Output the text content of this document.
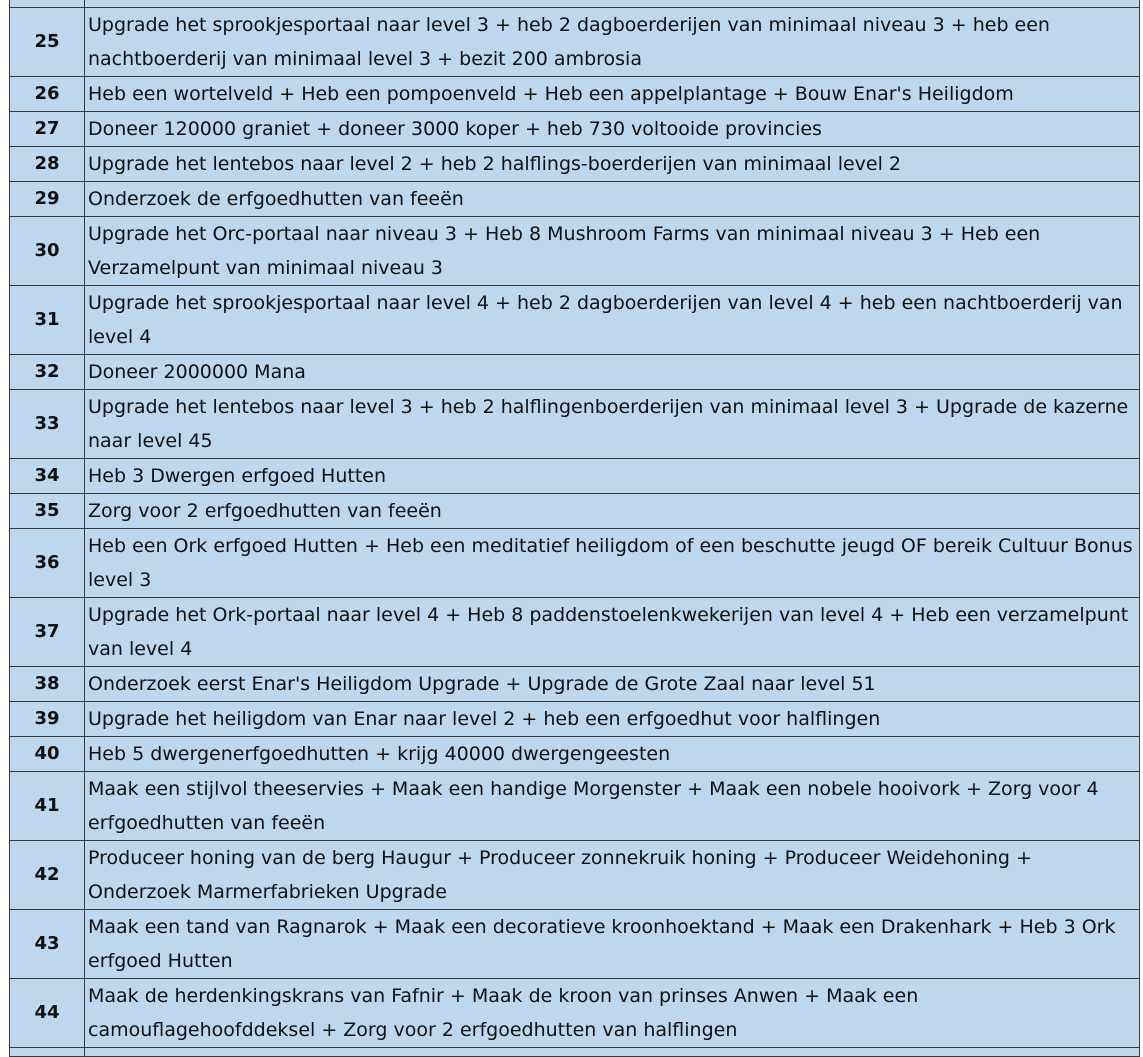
25	Upgrade het sprookjesportaal naar level 3 + heb 2 dagboerderijen van minimaal niveau 3 + heb een nachtboerderij van minimaal level 3 + bezit 200 ambrosia
26	Heb een wortelveld + Heb een pompoenveld + Heb een appelplantage + Bouw Enar's Heiligdom
27	Doneer 120000 graniet + doneer 3000 koper + heb 730 voltooide provincies
28	Upgrade het lentebos naar level 2 + heb 2 halflings-boerderijen van minimaal level 2
29	Onderzoek de erfgoedhutten van feeën
30	Upgrade het Orc-portaal naar niveau 3 + Heb 8 Mushroom Farms van minimaal niveau 3 + Heb een Verzamelpunt van minimaal niveau 3
31	Upgrade het sprookjesportaal naar level 4 + heb 2 dagboerderijen van level 4 + heb een nachtboerderij van level 4
32	Doneer 2000000 Mana
33	Upgrade het lentebos naar level 3 + heb 2 halflingenboerderijen van minimaal level 3 + Upgrade de kazerne naar level 45
34	Heb 3 Dwergen erfgoed Hutten
35	Zorg voor 2 erfgoedhutten van feeën
36	Heb een Ork erfgoed Hutten + Heb een meditatief heiligdom of een beschutte jeugd OF bereik Cultuur Bonus level 3
37	Upgrade het Ork-portaal naar level 4 + Heb 8 paddenstoelenkwekerijen van level 4 + Heb een verzamelpunt van level 4
38	Onderzoek eerst Enar's Heiligdom Upgrade + Upgrade de Grote Zaal naar level 51
39	Upgrade het heiligdom van Enar naar level 2 + heb een erfgoedhut voor halflingen
40	Heb 5 dwergenerfgoedhutten + krijg 40000 dwergengeesten
41	Maak een stijlvol theeservies + Maak een handige Morgenster + Maak een nobele hooivork + Zorg voor 4 erfgoedhutten van feeën
42	Produceer honing van de berg Haugur + Produceer zonnekruik honing + Produceer Weidehoning + Onderzoek Marmerfabrieken Upgrade
43	Maak een tand van Ragnarok + Maak een decoratieve kroonhoektand + Maak een Drakenhark + Heb 3 Ork erfgoed Hutten
44	Maak de herdenkingskrans van Fafnir + Maak de kroon van prinses Anwen + Maak een camouflagehoofddeksel + Zorg voor 2 erfgoedhutten van halflingen
